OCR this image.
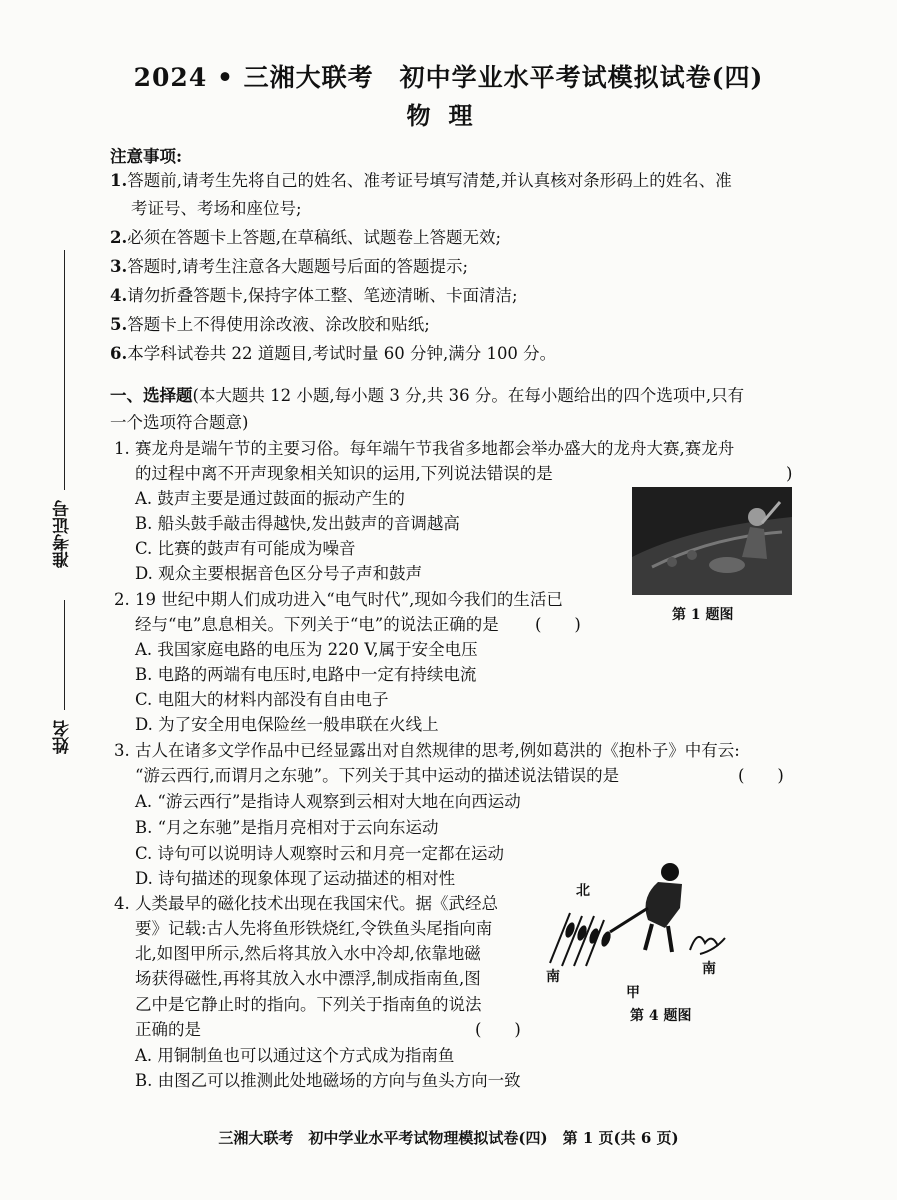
2024 • 三湘大联考 初中学业水平考试模拟试卷(四)
物理
注意事项:
1.答题前,请考生先将自己的姓名、准考证号填写清楚,并认真核对条形码上的姓名、准
考证号、考场和座位号;
2.必须在答题卡上答题,在草稿纸、试题卷上答题无效;
3.答题时,请考生注意各大题题号后面的答题提示;
4.请勿折叠答题卡,保持字体工整、笔迹清晰、卡面清洁;
5.答题卡上不得使用涂改液、涂改胶和贴纸;
6.本学科试卷共 22 道题目,考试时量 60 分钟,满分 100 分。
准考证号
姓名
一、选择题(本大题共 12 小题,每小题 3 分,共 36 分。在每小题给出的四个选项中,只有
一个选项符合题意)
1. 赛龙舟是端午节的主要习俗。每年端午节我省多地都会举办盛大的龙舟大赛,赛龙舟
的过程中离不开声现象相关知识的运用,下列说法错误的是	)
A. 鼓声主要是通过鼓面的振动产生的
B. 船头鼓手敲击得越快,发出鼓声的音调越高
C. 比赛的鼓声有可能成为噪音
D. 观众主要根据音色区分号子声和鼓声
第 1 题图
2. 19 世纪中期人们成功进入“电气时代”,现如今我们的生活已
经与“电”息息相关。下列关于“电”的说法正确的是 (　　)
A. 我国家庭电路的电压为 220 V,属于安全电压
B. 电路的两端有电压时,电路中一定有持续电流
C. 电阻大的材料内部没有自由电子
D. 为了安全用电保险丝一般串联在火线上
3. 古人在诸多文学作品中已经显露出对自然规律的思考,例如葛洪的《抱朴子》中有云:
“游云西行,而谓月之东驰”。下列关于其中运动的描述说法错误的是	(　　)
A. “游云西行”是指诗人观察到云相对大地在向西运动
B. “月之东驰”是指月亮相对于云向东运动
C. 诗句可以说明诗人观察时云和月亮一定都在运动
D. 诗句描述的现象体现了运动描述的相对性
4. 人类最早的磁化技术出现在我国宋代。据《武经总
要》记载:古人先将鱼形铁烧红,令铁鱼头尾指向南
北,如图甲所示,然后将其放入水中冷却,依靠地磁
场获得磁性,再将其放入水中漂浮,制成指南鱼,图
乙中是它静止时的指向。下列关于指南鱼的说法
正确的是	(　　)
A. 用铜制鱼也可以通过这个方式成为指南鱼
B. 由图乙可以推测此处地磁场的方向与鱼头方向一致
北
南	南
甲
第 4 题图
三湘大联考　初中学业水平考试物理模拟试卷(四)　第 1 页(共 6 页)
